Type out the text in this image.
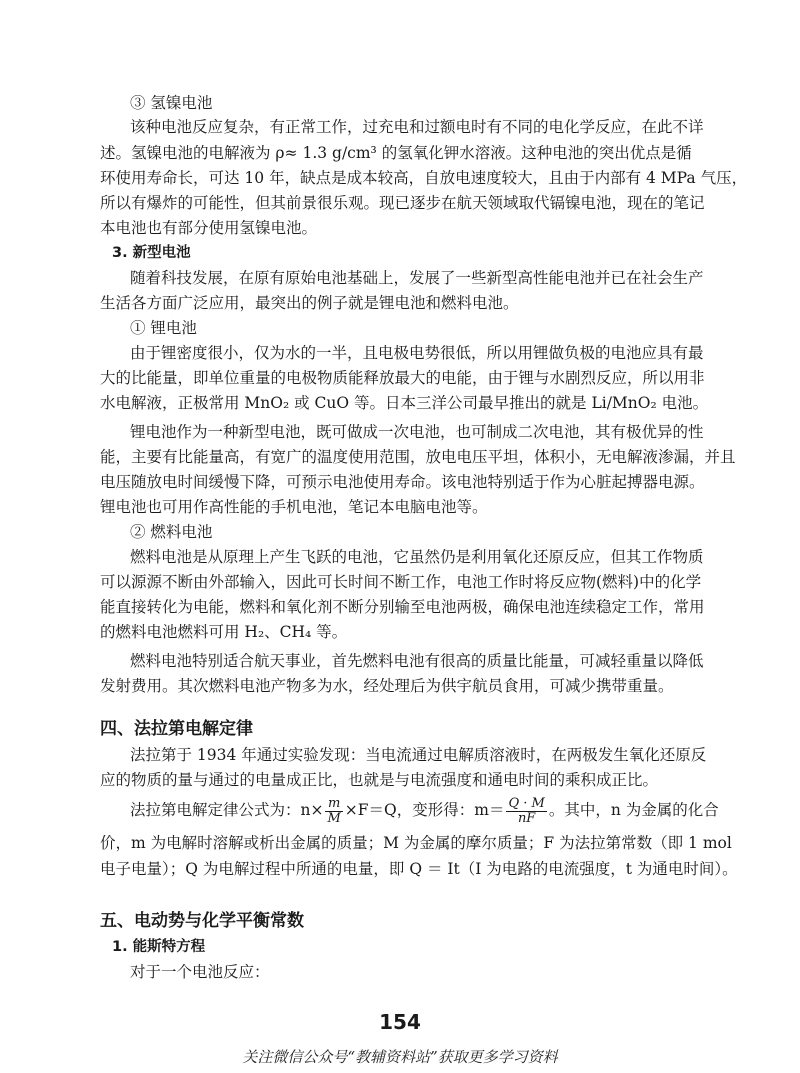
③ 氢镍电池
该种电池反应复杂，有正常工作，过充电和过额电时有不同的电化学反应，在此不详
述。氢镍电池的电解液为 ρ≈ 1.3 g/cm³ 的氢氧化钾水溶液。这种电池的突出优点是循
环使用寿命长，可达 10 年，缺点是成本较高，自放电速度较大，且由于内部有 4 MPa 气压，
所以有爆炸的可能性，但其前景很乐观。现已逐步在航天领域取代镉镍电池，现在的笔记
本电池也有部分使用氢镍电池。
3. 新型电池
随着科技发展，在原有原始电池基础上，发展了一些新型高性能电池并已在社会生产
生活各方面广泛应用，最突出的例子就是锂电池和燃料电池。
① 锂电池
由于锂密度很小，仅为水的一半，且电极电势很低，所以用锂做负极的电池应具有最
大的比能量，即单位重量的电极物质能释放最大的电能，由于锂与水剧烈反应，所以用非
水电解液，正极常用 MnO₂ 或 CuO 等。日本三洋公司最早推出的就是 Li/MnO₂ 电池。
锂电池作为一种新型电池，既可做成一次电池，也可制成二次电池，其有极优异的性
能，主要有比能量高，有宽广的温度使用范围，放电电压平坦，体积小，无电解液渗漏，并且
电压随放电时间缓慢下降，可预示电池使用寿命。该电池特别适于作为心脏起搏器电源。
锂电池也可用作高性能的手机电池，笔记本电脑电池等。
② 燃料电池
燃料电池是从原理上产生飞跃的电池，它虽然仍是利用氧化还原反应，但其工作物质
可以源源不断由外部输入，因此可长时间不断工作，电池工作时将反应物(燃料)中的化学
能直接转化为电能，燃料和氧化剂不断分别输至电池两极，确保电池连续稳定工作，常用
的燃料电池燃料可用 H₂、CH₄ 等。
燃料电池特别适合航天事业，首先燃料电池有很高的质量比能量，可减轻重量以降低
发射费用。其次燃料电池产物多为水，经处理后为供宇航员食用，可减少携带重量。
四、法拉第电解定律
法拉第于 1934 年通过实验发现：当电流通过电解质溶液时，在两极发生氧化还原反
应的物质的量与通过的电量成正比，也就是与电流强度和通电时间的乘积成正比。
法拉第电解定律公式为：$n\times \frac{m}{M} \times F=Q$，变形得：$m= \frac{Q \cdot M}{nF}$ 。其中，n 为金属的化合
价，m 为电解时溶解或析出金属的质量；M 为金属的摩尔质量；F 为法拉第常数（即 1 mol
电子电量）；Q 为电解过程中所通的电量，即 Q ＝ It（I 为电路的电流强度，t 为通电时间）。
五、电动势与化学平衡常数
1. 能斯特方程
对于一个电池反应：
154
关注微信公众号“教辅资料站”获取更多学习资料
